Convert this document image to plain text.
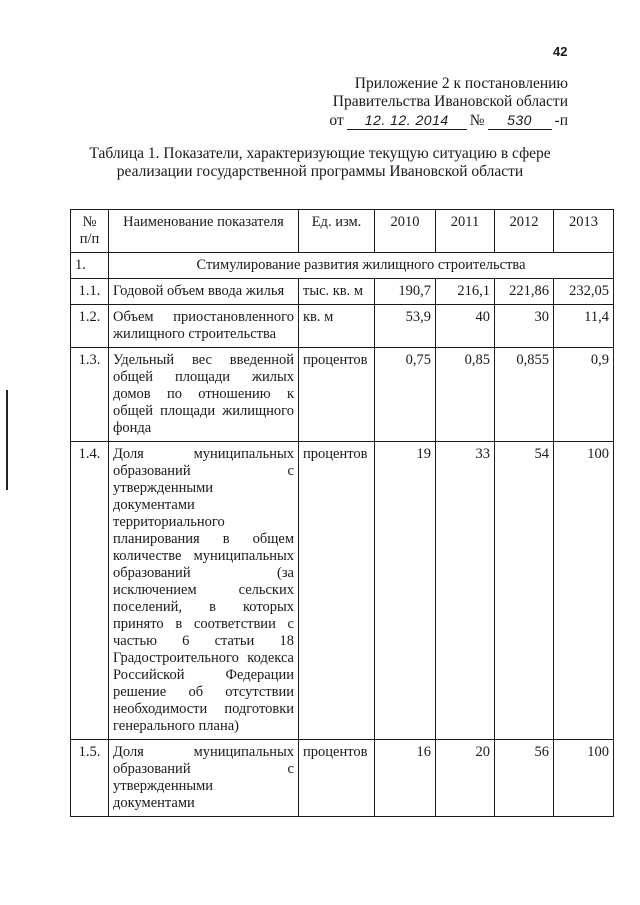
42
Приложение 2 к постановлению
Правительства Ивановской области
от	12. 12. 2014	№	530	-п
Таблица 1. Показатели, характеризующие текущую ситуацию в сфере
реализации государственной программы Ивановской области
№ п/п	Наименование показателя	Ед. изм.	2010	2011	2012	2013
1.	Стимулирование развития жилищного строительства					
1.1.	Годовой объем ввода жилья	тыс. кв. м	190,7	216,1	221,86	232,05
1.2.	Объем приостановленного жилищного строительства	кв. м	53,9	40	30	11,4
1.3.	Удельный вес введенной общей площади жилых домов по отношению к общей площади жилищного фонда	процентов	0,75	0,85	0,855	0,9
1.4.	Доля муниципальных образований с утвержденными документами территориального планирования в общем количестве муниципальных образований (за исключением сельских поселений, в которых принято в соответствии с частью 6 статьи 18 Градостроительного кодекса Российской Федерации решение об отсутствии необходимости подготовки генерального плана)	процентов	19	33	54	100
1.5.	Доля муниципальных образований с утвержденными документами	процентов	16	20	56	100
